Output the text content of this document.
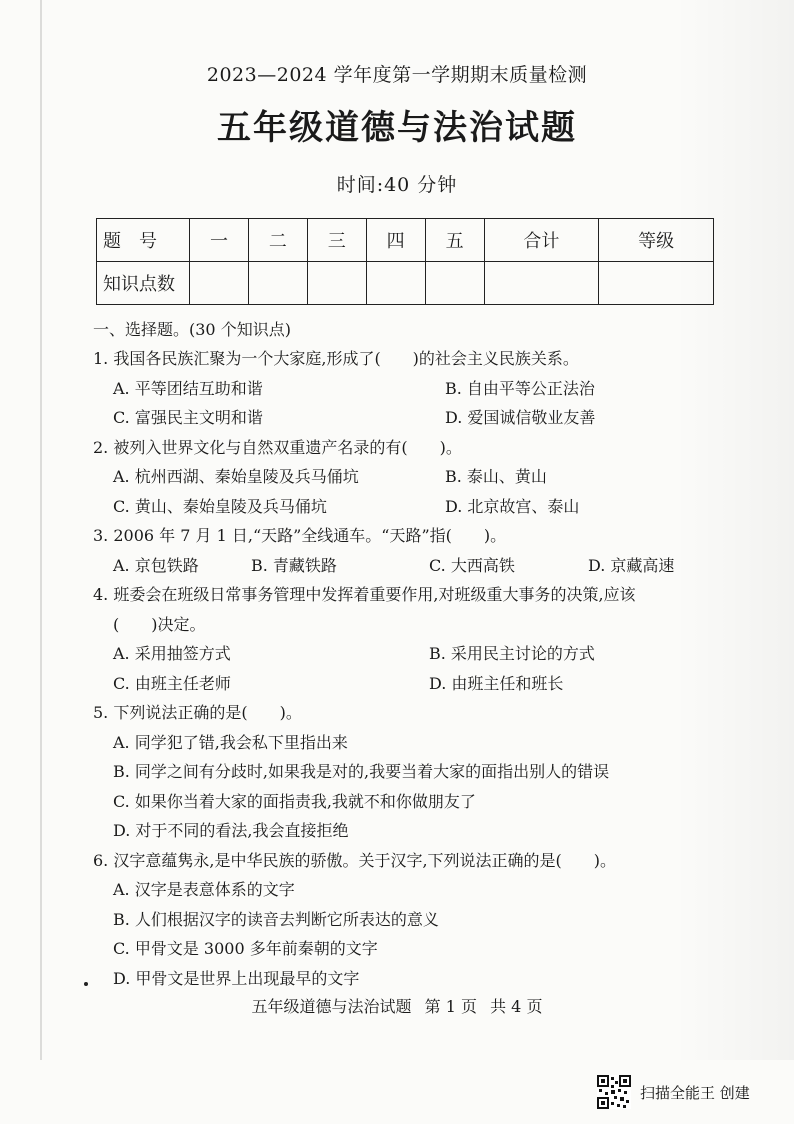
2023—2024 学年度第一学期期末质量检测
五年级道德与法治试题
时间:40 分钟
题　号	一	二	三	四	五	合计	等级
知识点数							
一、选择题。(30 个知识点)
1. 我国各民族汇聚为一个大家庭,形成了(　　)的社会主义民族关系。
A. 平等团结互助和谐	B. 自由平等公正法治
C. 富强民主文明和谐	D. 爱国诚信敬业友善
2. 被列入世界文化与自然双重遗产名录的有(　　)。
A. 杭州西湖、秦始皇陵及兵马俑坑	B. 泰山、黄山
C. 黄山、秦始皇陵及兵马俑坑	D. 北京故宫、泰山
3. 2006 年 7 月 1 日,“天路”全线通车。“天路”指(　　)。
A. 京包铁路	B. 青藏铁路	C. 大西高铁	D. 京藏高速
4. 班委会在班级日常事务管理中发挥着重要作用,对班级重大事务的决策,应该
(　　)决定。
A. 采用抽签方式	B. 采用民主讨论的方式
C. 由班主任老师	D. 由班主任和班长
5. 下列说法正确的是(　　)。
A. 同学犯了错,我会私下里指出来
B. 同学之间有分歧时,如果我是对的,我要当着大家的面指出别人的错误
C. 如果你当着大家的面指责我,我就不和你做朋友了
D. 对于不同的看法,我会直接拒绝
6. 汉字意蕴隽永,是中华民族的骄傲。关于汉字,下列说法正确的是(　　)。
A. 汉字是表意体系的文字
B. 人们根据汉字的读音去判断它所表达的意义
C. 甲骨文是 3000 多年前秦朝的文字
D. 甲骨文是世界上出现最早的文字
五年级道德与法治试题 第 1 页 共 4 页
扫描全能王 创建
